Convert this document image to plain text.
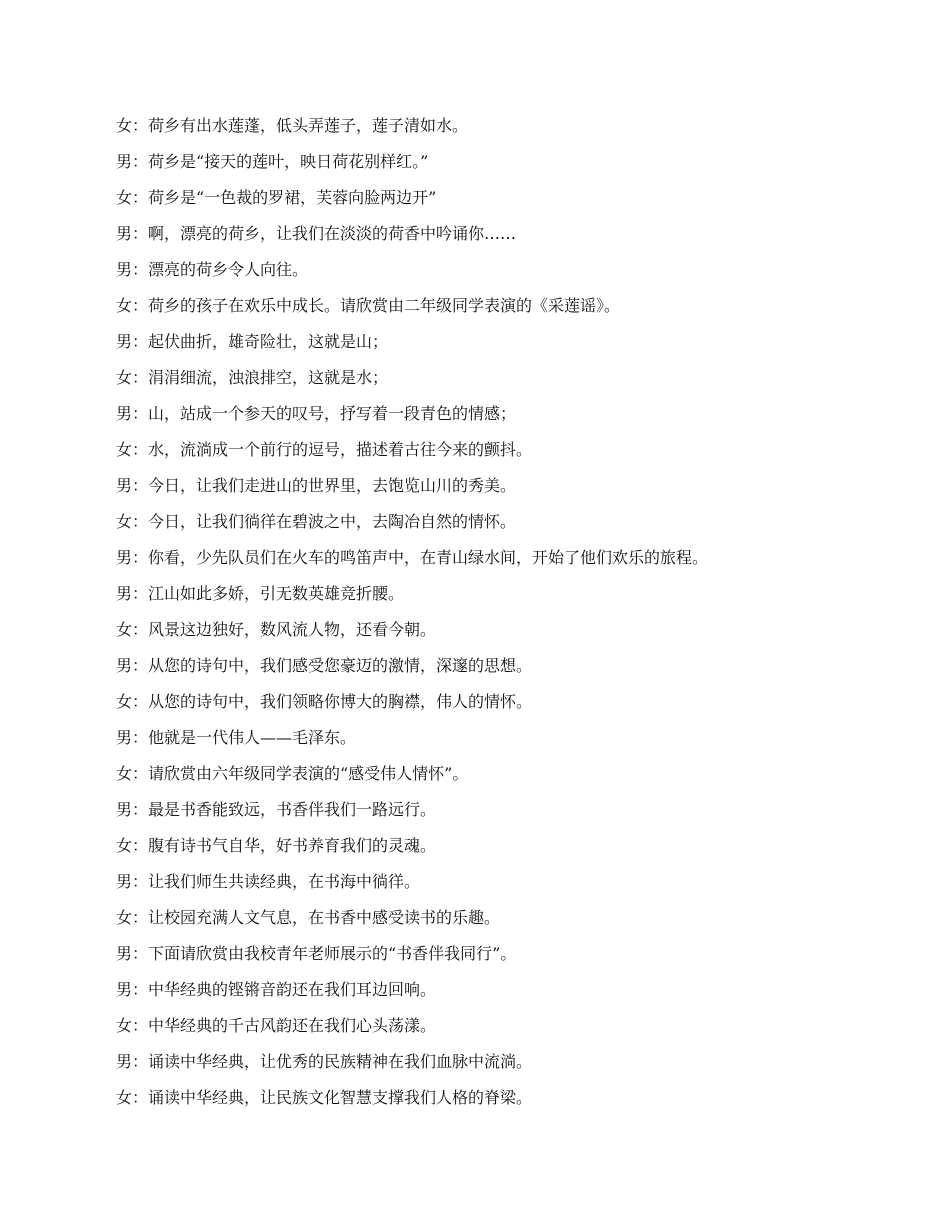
女：荷乡有出水莲蓬，低头弄莲子，莲子清如水。

男：荷乡是“接天的莲叶，映日荷花别样红。”

女：荷乡是“一色裁的罗裙，芙蓉向脸两边开”

男：啊，漂亮的荷乡，让我们在淡淡的荷香中吟诵你……

男：漂亮的荷乡令人向往。

女：荷乡的孩子在欢乐中成长。请欣赏由二年级同学表演的《采莲谣》。

男：起伏曲折，雄奇险壮，这就是山；

女：涓涓细流，浊浪排空，这就是水；

男：山，站成一个参天的叹号，抒写着一段青色的情感；

女：水，流淌成一个前行的逗号，描述着古往今来的颤抖。

男：今日，让我们走进山的世界里，去饱览山川的秀美。

女：今日，让我们徜徉在碧波之中，去陶冶自然的情怀。

男：你看，少先队员们在火车的鸣笛声中，在青山绿水间，开始了他们欢乐的旅程。

男：江山如此多娇，引无数英雄竞折腰。

女：风景这边独好，数风流人物，还看今朝。

男：从您的诗句中，我们感受您豪迈的激情，深邃的思想。

女：从您的诗句中，我们领略你博大的胸襟，伟人的情怀。

男：他就是一代伟人——毛泽东。

女：请欣赏由六年级同学表演的“感受伟人情怀”。

男：最是书香能致远，书香伴我们一路远行。

女：腹有诗书气自华，好书养育我们的灵魂。

男：让我们师生共读经典，在书海中徜徉。

女：让校园充满人文气息，在书香中感受读书的乐趣。

男：下面请欣赏由我校青年老师展示的“书香伴我同行”。

男：中华经典的铿锵音韵还在我们耳边回响。

女：中华经典的千古风韵还在我们心头荡漾。

男：诵读中华经典，让优秀的民族精神在我们血脉中流淌。

女：诵读中华经典，让民族文化智慧支撑我们人格的脊梁。
